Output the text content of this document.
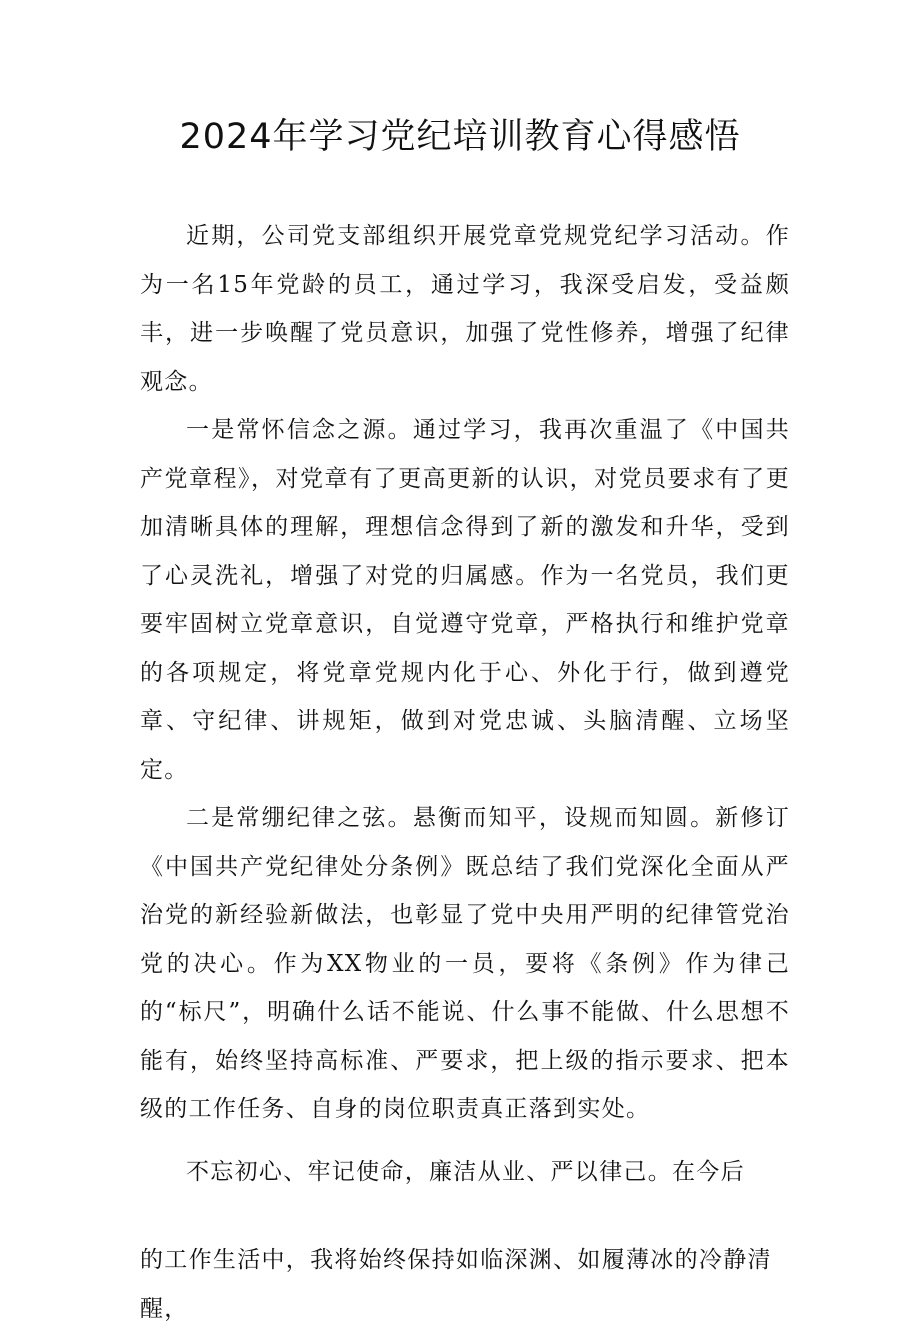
2024年学习党纪培训教育心得感悟

近期，公司党支部组织开展党章党规党纪学习活动。作为一名15年党龄的员工，通过学习，我深受启发，受益颇丰，进一步唤醒了党员意识，加强了党性修养，增强了纪律观念。

一是常怀信念之源。通过学习，我再次重温了《中国共产党章程》，对党章有了更高更新的认识，对党员要求有了更加清晰具体的理解，理想信念得到了新的激发和升华，受到了心灵洗礼，增强了对党的归属感。作为一名党员，我们更要牢固树立党章意识，自觉遵守党章，严格执行和维护党章的各项规定，将党章党规内化于心、外化于行，做到遵党章、守纪律、讲规矩，做到对党忠诚、头脑清醒、立场坚定。

二是常绷纪律之弦。悬衡而知平，设规而知圆。新修订《中国共产党纪律处分条例》既总结了我们党深化全面从严治党的新经验新做法，也彰显了党中央用严明的纪律管党治党的决心。作为XX物业的一员，要将《条例》作为律己的“标尺”，明确什么话不能说、什么事不能做、什么思想不能有，始终坚持高标准、严要求，把上级的指示要求、把本级的工作任务、自身的岗位职责真正落到实处。

不忘初心、牢记使命，廉洁从业、严以律己。在今后

的工作生活中，我将始终保持如临深渊、如履薄冰的冷静清醒，
